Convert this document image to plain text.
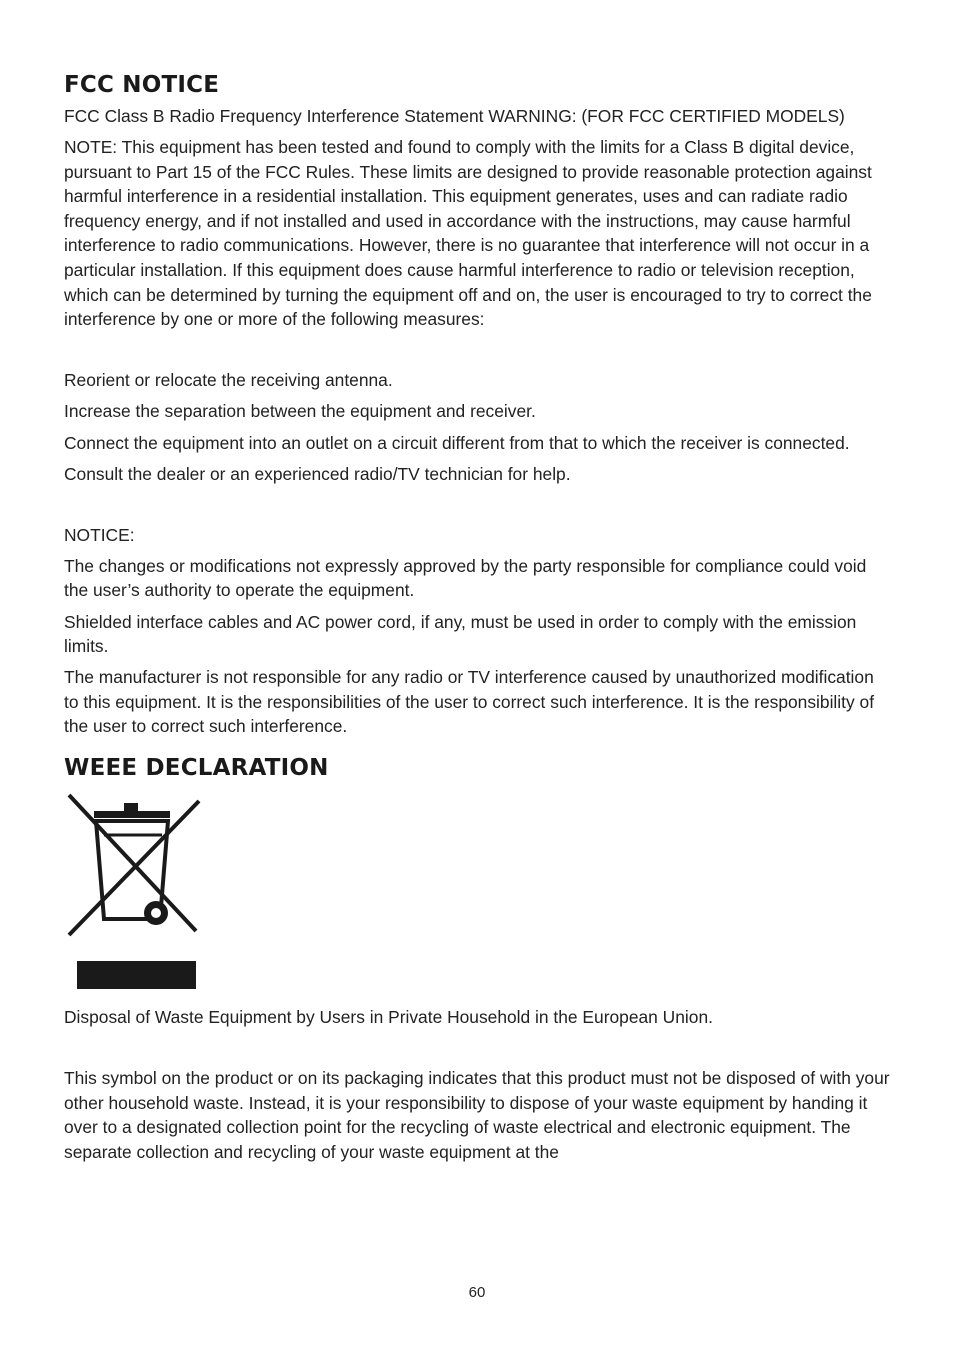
FCC NOTICE

FCC Class B Radio Frequency Interference Statement WARNING: (FOR FCC CERTIFIED MODELS)

NOTE: This equipment has been tested and found to comply with the limits for a Class B digital device, pursuant to Part 15 of the FCC Rules. These limits are designed to provide reasonable protection against harmful interference in a residential installation. This equipment generates, uses and can radiate radio frequency energy, and if not installed and used in accordance with the instructions, may cause harmful interference to radio communications. However, there is no guarantee that interference will not occur in a particular installation. If this equipment does cause harmful interference to radio or television reception, which can be determined by turning the equipment off and on, the user is encouraged to try to correct the interference by one or more of the following measures:

Reorient or relocate the receiving antenna.

Increase the separation between the equipment and receiver.

Connect the equipment into an outlet on a circuit different from that to which the receiver is connected.

Consult the dealer or an experienced radio/TV technician for help.

NOTICE:

The changes or modifications not expressly approved by the party responsible for compliance could void the user’s authority to operate the equipment.

Shielded interface cables and AC power cord, if any, must be used in order to comply with the emission limits.

The manufacturer is not responsible for any radio or TV interference caused by unauthorized modification to this equipment. It is the responsibilities of the user to correct such interference. It is the responsibility of the user to correct such interference.

WEEE DECLARATION

Disposal of Waste Equipment by Users in Private Household in the European Union.

This symbol on the product or on its packaging indicates that this product must not be disposed of with your other household waste. Instead, it is your responsibility to dispose of your waste equipment by handing it over to a designated collection point for the recycling of waste electrical and electronic equipment. The separate collection and recycling of your waste equipment at the

60
